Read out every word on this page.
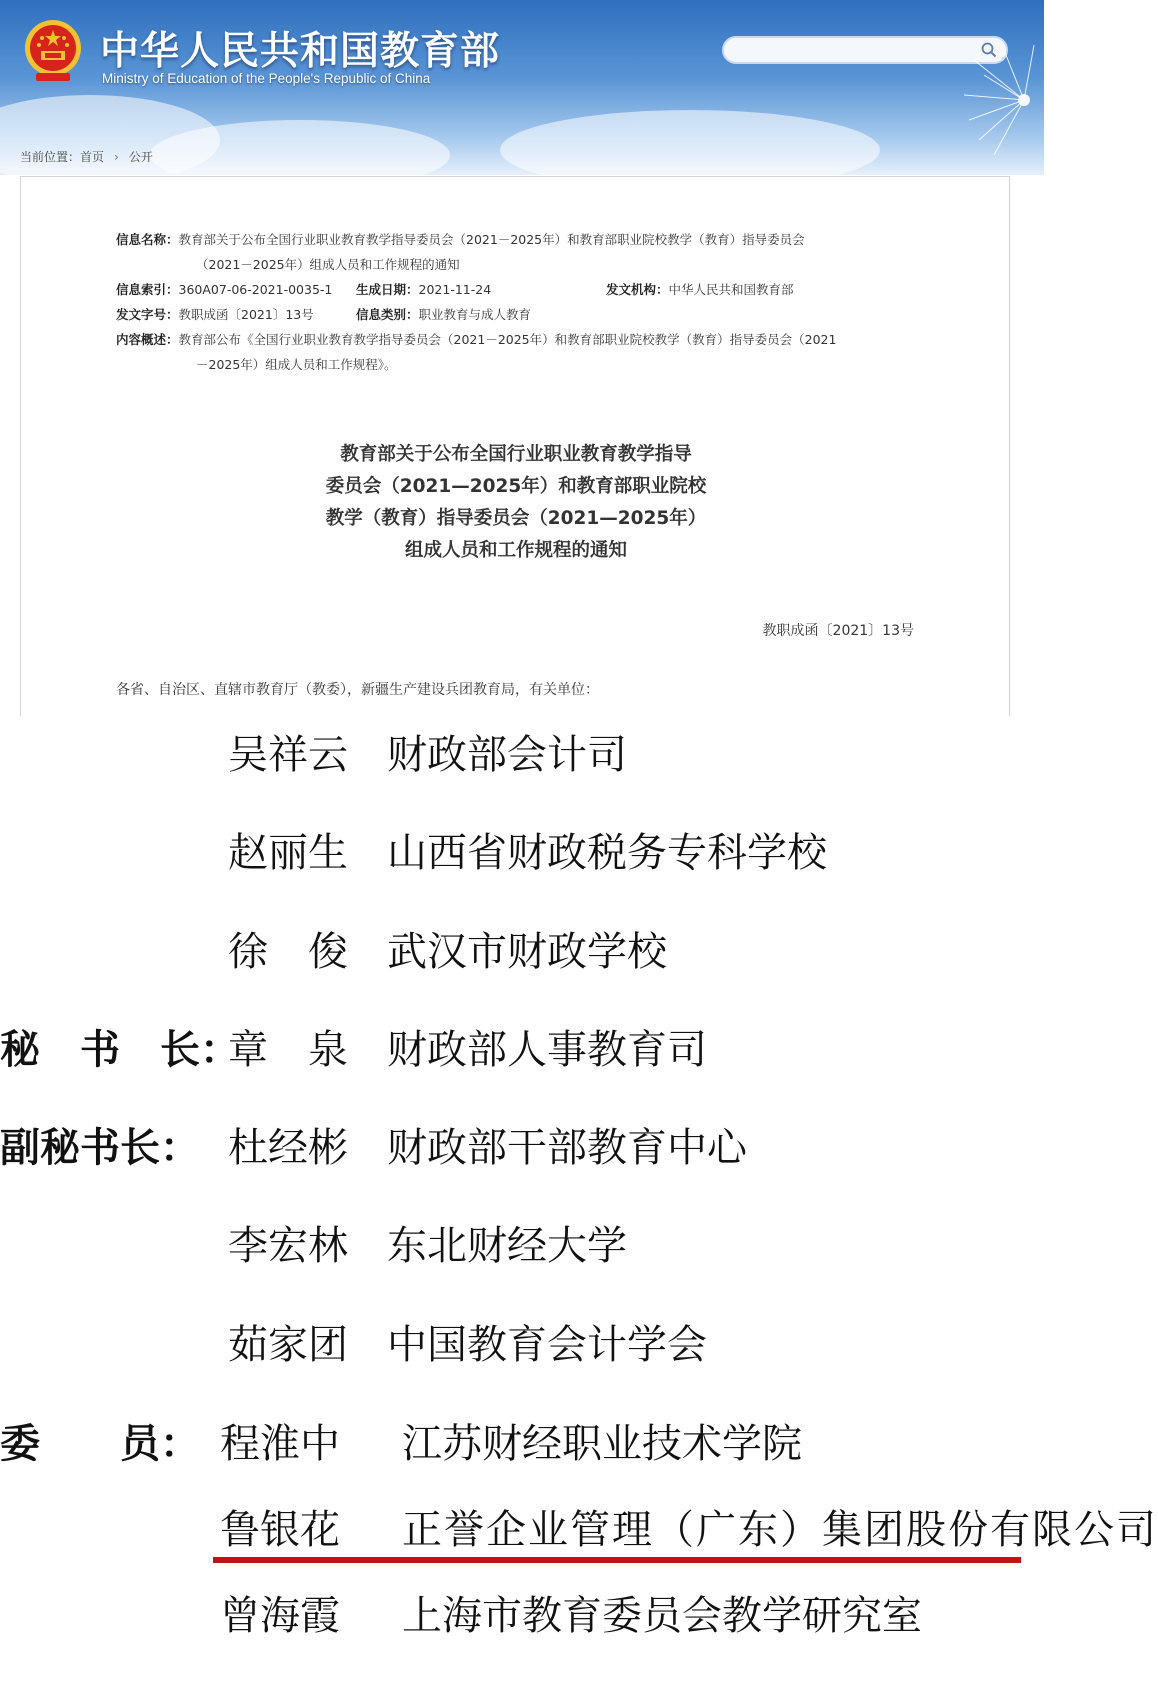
中华人民共和国教育部
Ministry of Education of the People's Republic of China
当前位置：首页 › 公开
信息名称：教育部关于公布全国行业职业教育教学指导委员会（2021－2025年）和教育部职业院校教学（教育）指导委员会
（2021－2025年）组成人员和工作规程的通知
信息索引：360A07-06-2021-0035-1 生成日期：2021-11-24	发文机构：中华人民共和国教育部
发文字号：教职成函〔2021〕13号	信息类别：职业教育与成人教育
内容概述：教育部公布《全国行业职业教育教学指导委员会（2021－2025年）和教育部职业院校教学（教育）指导委员会（2021
－2025年）组成人员和工作规程》。
教育部关于公布全国行业职业教育教学指导
委员会（2021—2025年）和教育部职业院校
教学（教育）指导委员会（2021—2025年）
组成人员和工作规程的通知
教职成函〔2021〕13号
各省、自治区、直辖市教育厅（教委），新疆生产建设兵团教育局，有关单位：
吴祥云 财政部会计司
赵丽生 山西省财政税务专科学校
徐　俊 武汉市财政学校
秘　书　长：
章　泉 财政部人事教育司
副秘书长： 杜经彬 财政部干部教育中心
李宏林 东北财经大学
茹家团 中国教育会计学会
委　　员： 程淮中 江苏财经职业技术学院
鲁银花 正誉企业管理（广东）集团股份有限公司
曾海霞 上海市教育委员会教学研究室
